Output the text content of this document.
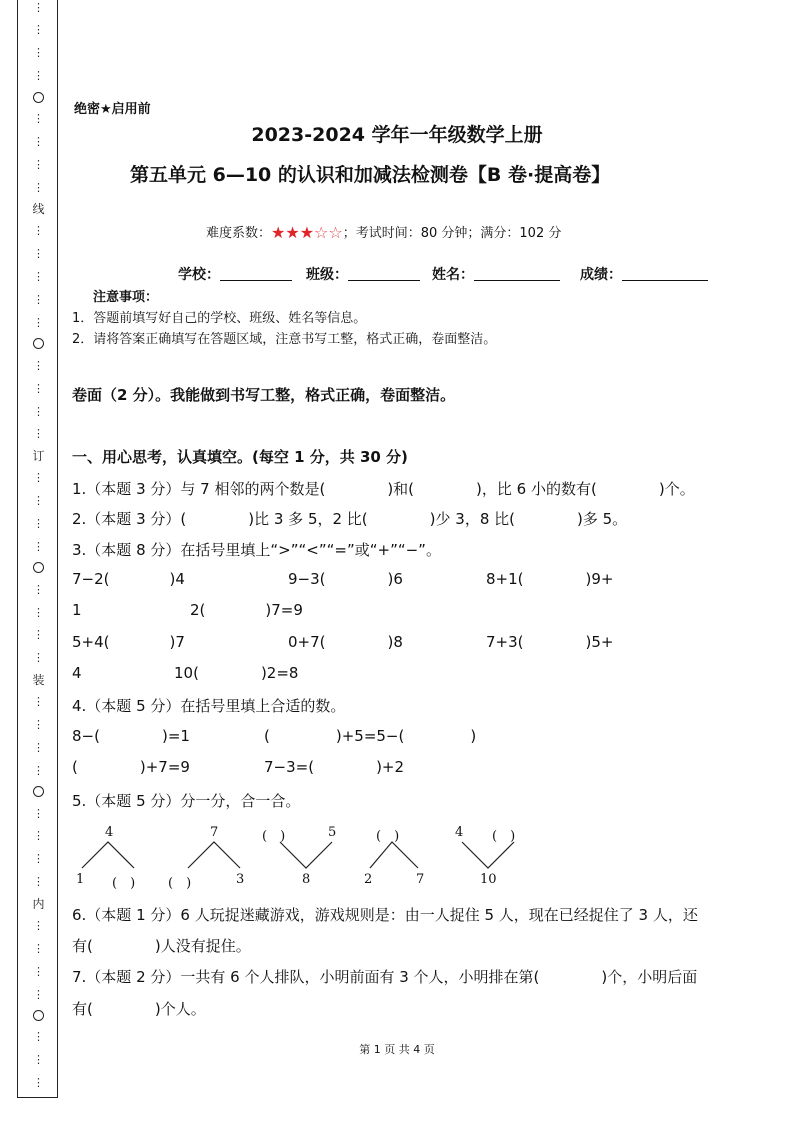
⋮
⋮
⋮
⋮
⋮
⋮
⋮
⋮
线
⋮
⋮
⋮
⋮
⋮
⋮
⋮
⋮
⋮
订
⋮
⋮
⋮
⋮
⋮
⋮
⋮
⋮
装
⋮
⋮
⋮
⋮
⋮
⋮
⋮
⋮
内
⋮
⋮
⋮
⋮
⋮
⋮
⋮
绝密★启用前
2023-2024 学年一年级数学上册
第五单元 6—10 的认识和加减法检测卷【B 卷·提高卷】
难度系数：★★★☆☆；考试时间：80 分钟；满分：102 分
学校：	班级：	姓名：	成绩：
注意事项：
1．答题前填写好自己的学校、班级、姓名等信息。
2．请将答案正确填写在答题区域，注意书写工整，格式正确，卷面整洁。
卷面（2 分）。我能做到书写工整，格式正确，卷面整洁。
一、用心思考，认真填空。(每空 1 分，共 30 分)
1.（本题 3 分）与 7 相邻的两个数是(	)和(	)，比 6 小的数有(	)个。
2.（本题 3 分）(	)比 3 多 5，2 比(	)少 3，8 比(	)多 5。
3.（本题 8 分）在括号里填上“>”“<”“=”或“+”“−”。
7−2(	)4	9−3(	)6	8+1(	)9+
1	2(	)7=9
5+4(	)7	0+7(	)8	7+3(	)5+
4	10(	)2=8
4.（本题 5 分）在括号里填上合适的数。
8−(	)=1	(	)+5=5−(	)
(	)+7=9	7−3=(	)+2
5.（本题 5 分）分一分，合一合。
4
1 (　)
7
(　)	3
(　)	5
8	2
(　)
7
4 (　)
10
6.（本题 1 分）6 人玩捉迷藏游戏，游戏规则是：由一人捉住 5 人，现在已经捉住了 3 人，还
有(	)人没有捉住。
7.（本题 2 分）一共有 6 个人排队，小明前面有 3 个人，小明排在第(	)个，小明后面
有(	)个人。
第 1 页 共 4 页
